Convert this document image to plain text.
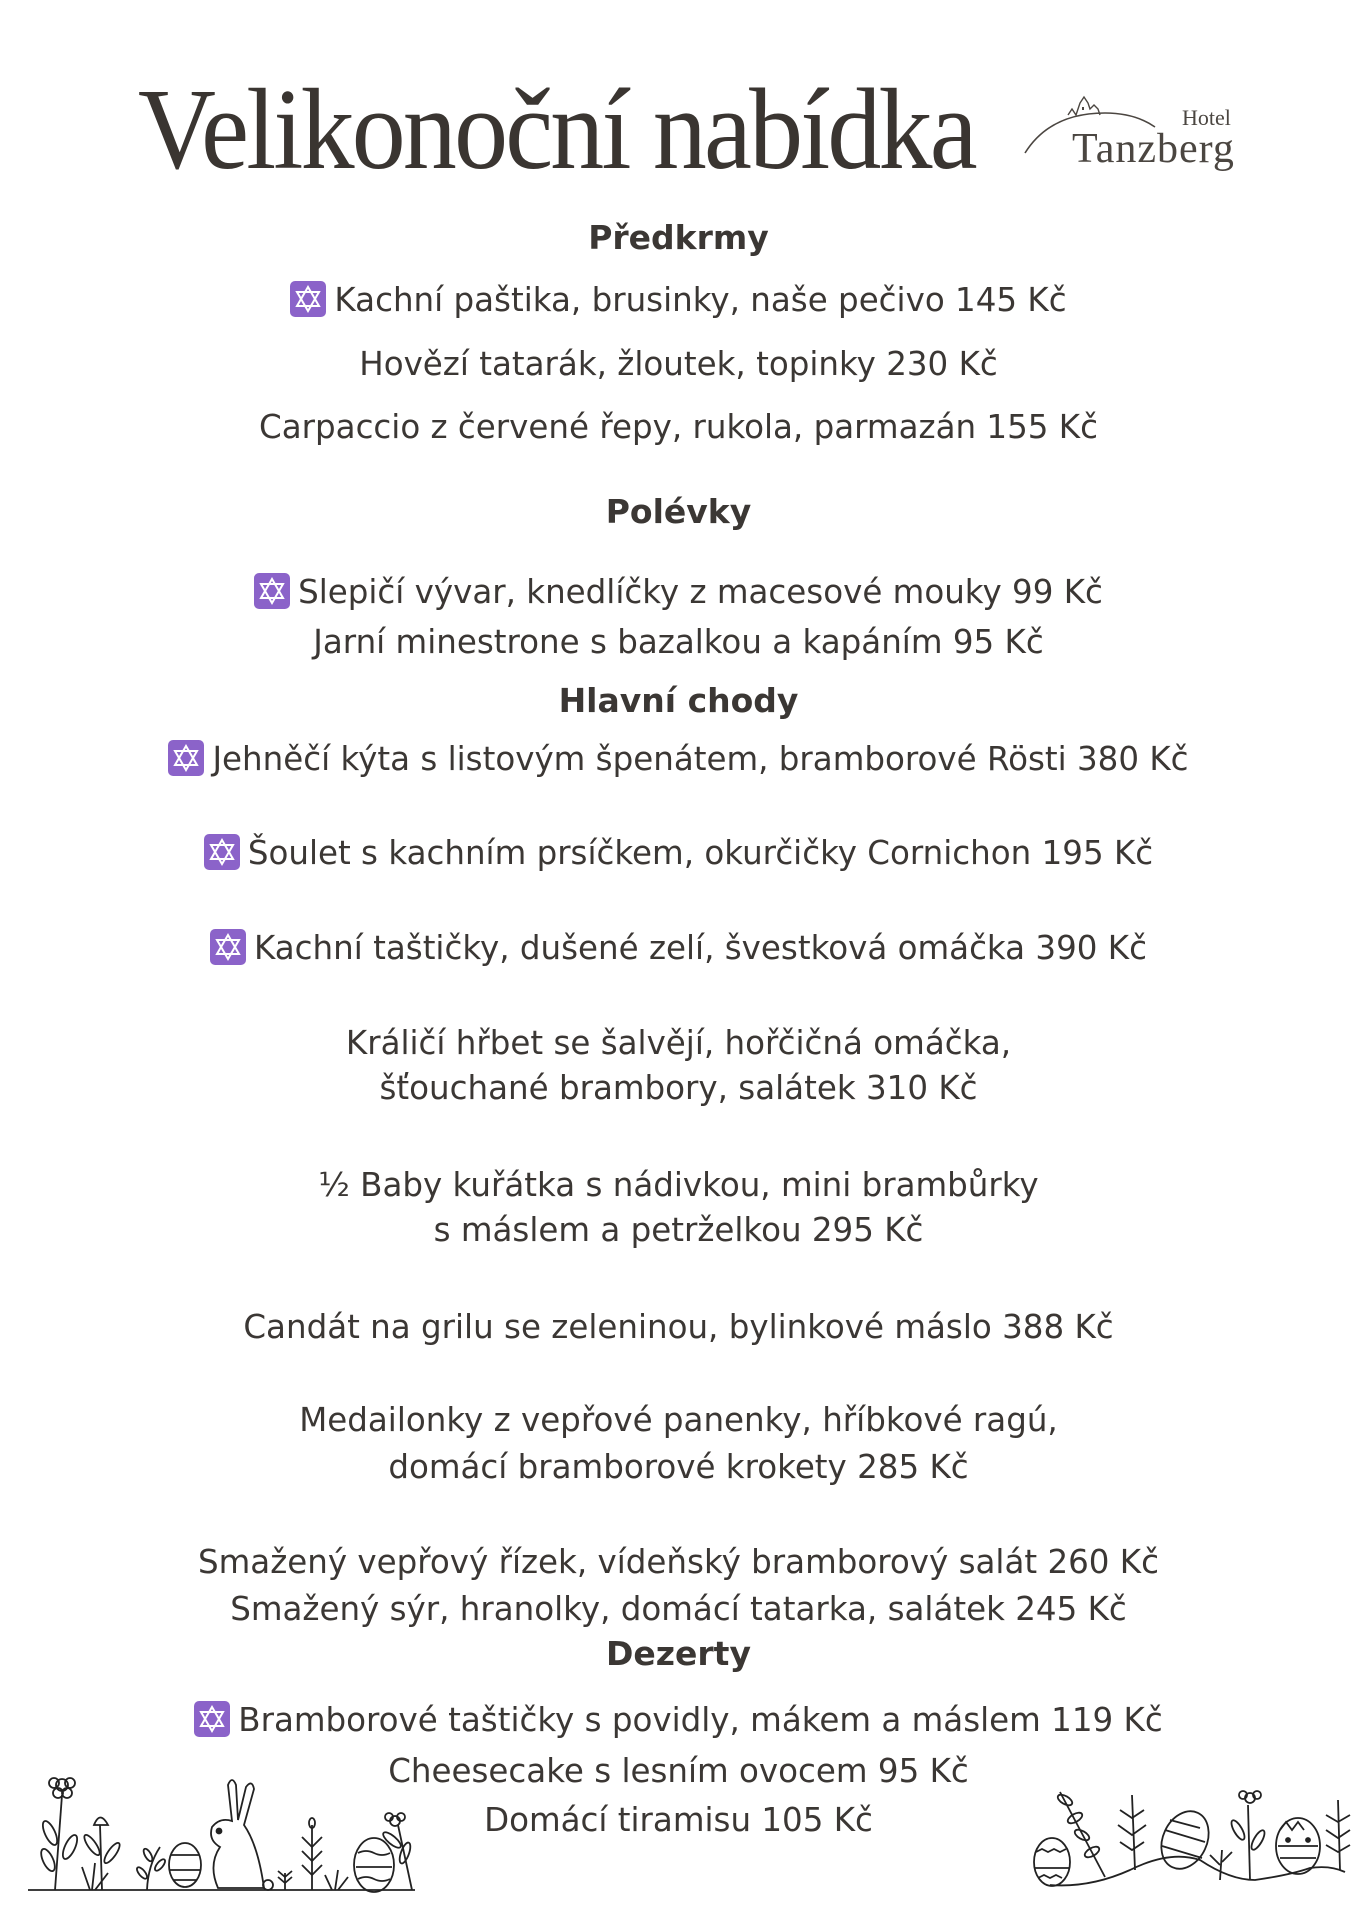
Velikonoční nabídka	Hotel
Tanzberg
Předkrmy
Kachní paštika, brusinky, naše pečivo 145 Kč
Hovězí tatarák, žloutek, topinky 230 Kč
Carpaccio z červené řepy, rukola, parmazán 155 Kč
Polévky
Slepičí vývar, knedlíčky z macesové mouky 99 Kč
Jarní minestrone s bazalkou a kapáním 95 Kč
Hlavní chody
Jehněčí kýta s listovým špenátem, bramborové Rösti 380 Kč
Šoulet s kachním prsíčkem, okurčičky Cornichon 195 Kč
Kachní taštičky, dušené zelí, švestková omáčka 390 Kč
Králičí hřbet se šalvějí, hořčičná omáčka,
šťouchané brambory, salátek 310 Kč
½ Baby kuřátka s nádivkou, mini brambůrky
s máslem a petrželkou 295 Kč
Candát na grilu se zeleninou, bylinkové máslo 388 Kč
Medailonky z vepřové panenky, hříbkové ragú,
domácí bramborové krokety 285 Kč
Smažený vepřový řízek, vídeňský bramborový salát 260 Kč
Smažený sýr, hranolky, domácí tatarka, salátek 245 Kč
Dezerty
Bramborové taštičky s povidly, mákem a máslem 119 Kč
Cheesecake s lesním ovocem 95 Kč
Domácí tiramisu 105 Kč
